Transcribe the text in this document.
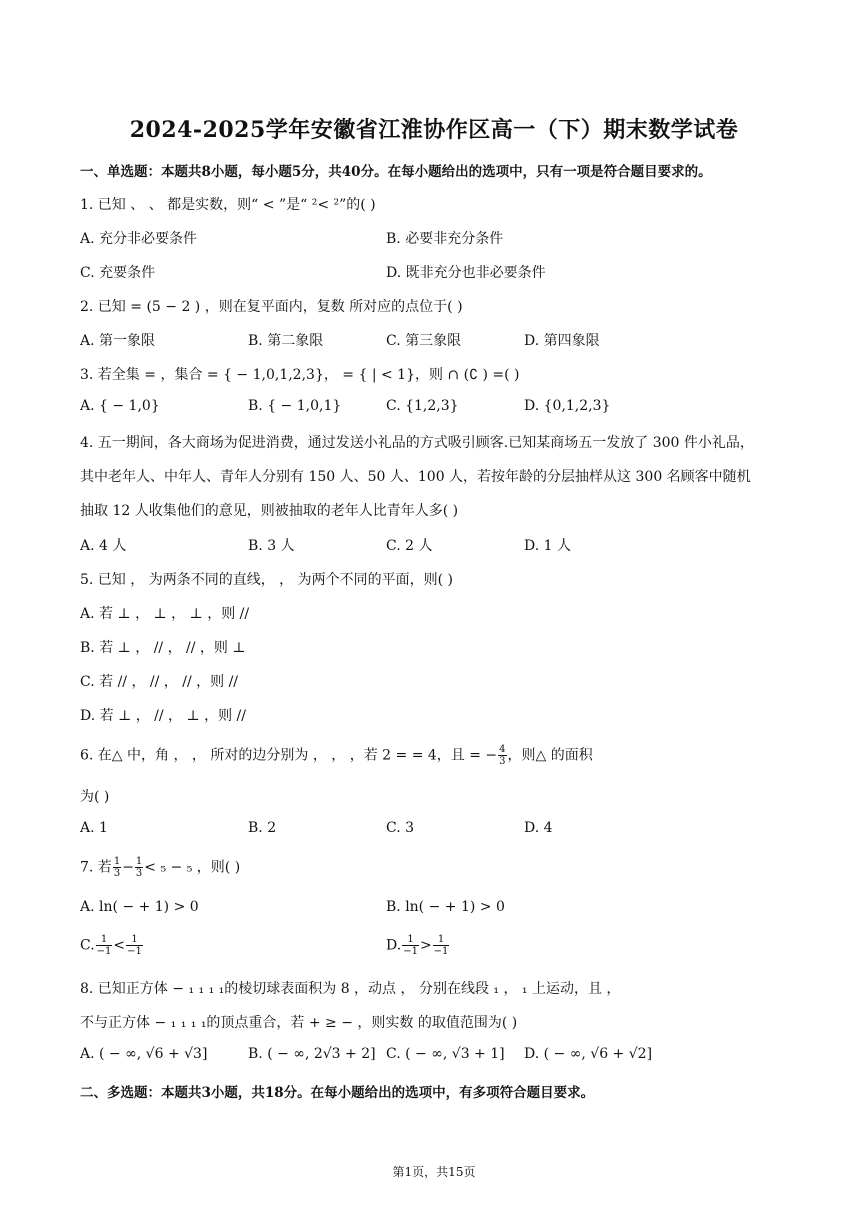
2024-2025学年安徽省江淮协作区高一（下）期末数学试卷
一、单选题：本题共8小题，每小题5分，共40分。在每小题给出的选项中，只有一项是符合题目要求的。
1. 已知 、 、 都是实数，则“ < ”是“ ²< ²”的( )
A. 充分非必要条件	B. 必要非充分条件
C. 充要条件	D. 既非充分也非必要条件
2. 已知 = (5 − 2 ) ，则在复平面内，复数 所对应的点位于( )
A. 第一象限	B. 第二象限	C. 第三象限	D. 第四象限
3. 若全集 = ，集合 = { − 1,0,1,2,3}， = { | < 1}，则 ∩ (∁ ) =( )
A. { − 1,0}	B. { − 1,0,1}	C. {1,2,3}	D. {0,1,2,3}
4. 五一期间，各大商场为促进消费，通过发送小礼品的方式吸引顾客.已知某商场五一发放了 300 件小礼品，
其中老年人、中年人、青年人分别有 150 人、50 人、100 人，若按年龄的分层抽样从这 300 名顾客中随机
抽取 12 人收集他们的意见，则被抽取的老年人比青年人多( )
A. 4 人	B. 3 人	C. 2 人	D. 1 人
5. 已知 ， 为两条不同的直线， ， 为两个不同的平面，则( )
A. 若 ⊥ ， ⊥ ， ⊥ ，则 //
B. 若 ⊥ ， // ， // ，则 ⊥
C. 若 // ， // ， // ，则 //
D. 若 ⊥ ， // ， ⊥ ，则 //
6. 在△ 中，角 ， ， 所对的边分别为 ， ， ，若 2 = = 4，且 = − $\frac{4}{3}$ ，则△ 的面积
为( )
A. 1	B. 2	C. 3	D. 4
7. 若 $\frac{1}{3} - \frac{1}{3} < _5 - _5$ ，则( )
A. ln( − + 1) > 0	B. ln( − + 1) > 0
C. $\frac{1}{-1} < \frac{1}{-1}$	D. $\frac{1}{-1} > \frac{1}{-1}$
8. 已知正方体 − ₁ ₁ ₁ ₁的棱切球表面积为 8 ，动点 ， 分别在线段 ₁ ， ₁ 上运动，且 ，
不与正方体 − ₁ ₁ ₁ ₁的顶点重合，若 + ≥ − ，则实数 的取值范围为( )
A. ( − ∞, √6 + √3]	B. ( − ∞, 2√3 + 2] C. ( − ∞, √3 + 1] D. ( − ∞, √6 + √2]
二、多选题：本题共3小题，共18分。在每小题给出的选项中，有多项符合题目要求。
第1页，共15页
